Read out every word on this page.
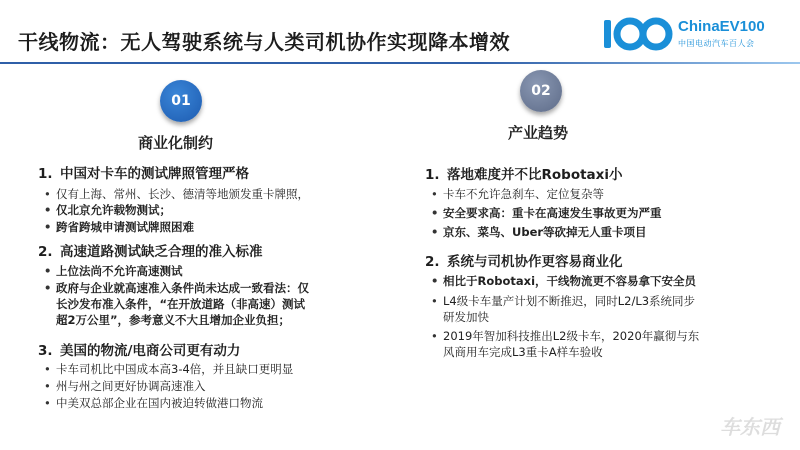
干线物流：无人驾驶系统与人类司机协作实现降本增效
ChinaEV100
中国电动汽车百人会
01
商业化制约
1. 中国对卡车的测试牌照管理严格
• 仅有上海、常州、长沙、德清等地颁发重卡牌照，
• 仅北京允许载物测试；
• 跨省跨城申请测试牌照困难
2. 高速道路测试缺乏合理的准入标准
• 上位法尚不允许高速测试
• 政府与企业就高速准入条件尚未达成一致看法：仅
长沙发布准入条件，“在开放道路（非高速）测试
超2万公里”，参考意义不大且增加企业负担；
3. 美国的物流/电商公司更有动力
• 卡车司机比中国成本高3-4倍，并且缺口更明显
• 州与州之间更好协调高速准入
• 中美双总部企业在国内被迫转做港口物流
02
产业趋势
1. 落地难度并不比Robotaxi小
• 卡车不允许急刹车、定位复杂等
• 安全要求高：重卡在高速发生事故更为严重
• 京东、菜鸟、Uber等砍掉无人重卡项目
2. 系统与司机协作更容易商业化
• 相比于Robotaxi，干线物流更不容易拿下安全员
• L4级卡车量产计划不断推迟，同时L2/L3系统同步
研发加快
• 2019年智加科技推出L2级卡车，2020年赢彻与东
风商用车完成L3重卡A样车验收
车东西
